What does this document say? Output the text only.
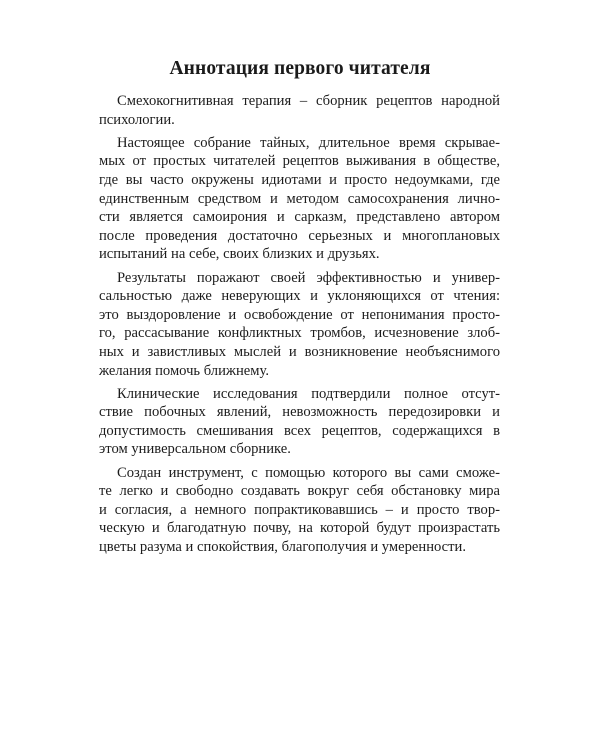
Аннотация первого читателя

Смехокогнитивная терапия – сборник рецептов народной
психологии.

Настоящее собрание тайных, длительное время скрывае-
мых от простых читателей рецептов выживания в обществе,
где вы часто окружены идиотами и просто недоумками, где
единственным средством и методом самосохранения лично-
сти является самоирония и сарказм, представлено автором
после проведения достаточно серьезных и многоплановых
испытаний на себе, своих близких и друзьях.

Результаты поражают своей эффективностью и универ-
сальностью даже неверующих и уклоняющихся от чтения:
это выздоровление и освобождение от непонимания просто-
го, рассасывание конфликтных тромбов, исчезновение злоб-
ных и завистливых мыслей и возникновение необъяснимого
желания помочь ближнему.

Клинические исследования подтвердили полное отсут-
ствие побочных явлений, невозможность передозировки и
допустимость смешивания всех рецептов, содержащихся в
этом универсальном сборнике.

Создан инструмент, с помощью которого вы сами сможе-
те легко и свободно создавать вокруг себя обстановку мира
и согласия, а немного попрактиковавшись – и просто твор-
ческую и благодатную почву, на которой будут произрастать
цветы разума и спокойствия, благополучия и умеренности.
